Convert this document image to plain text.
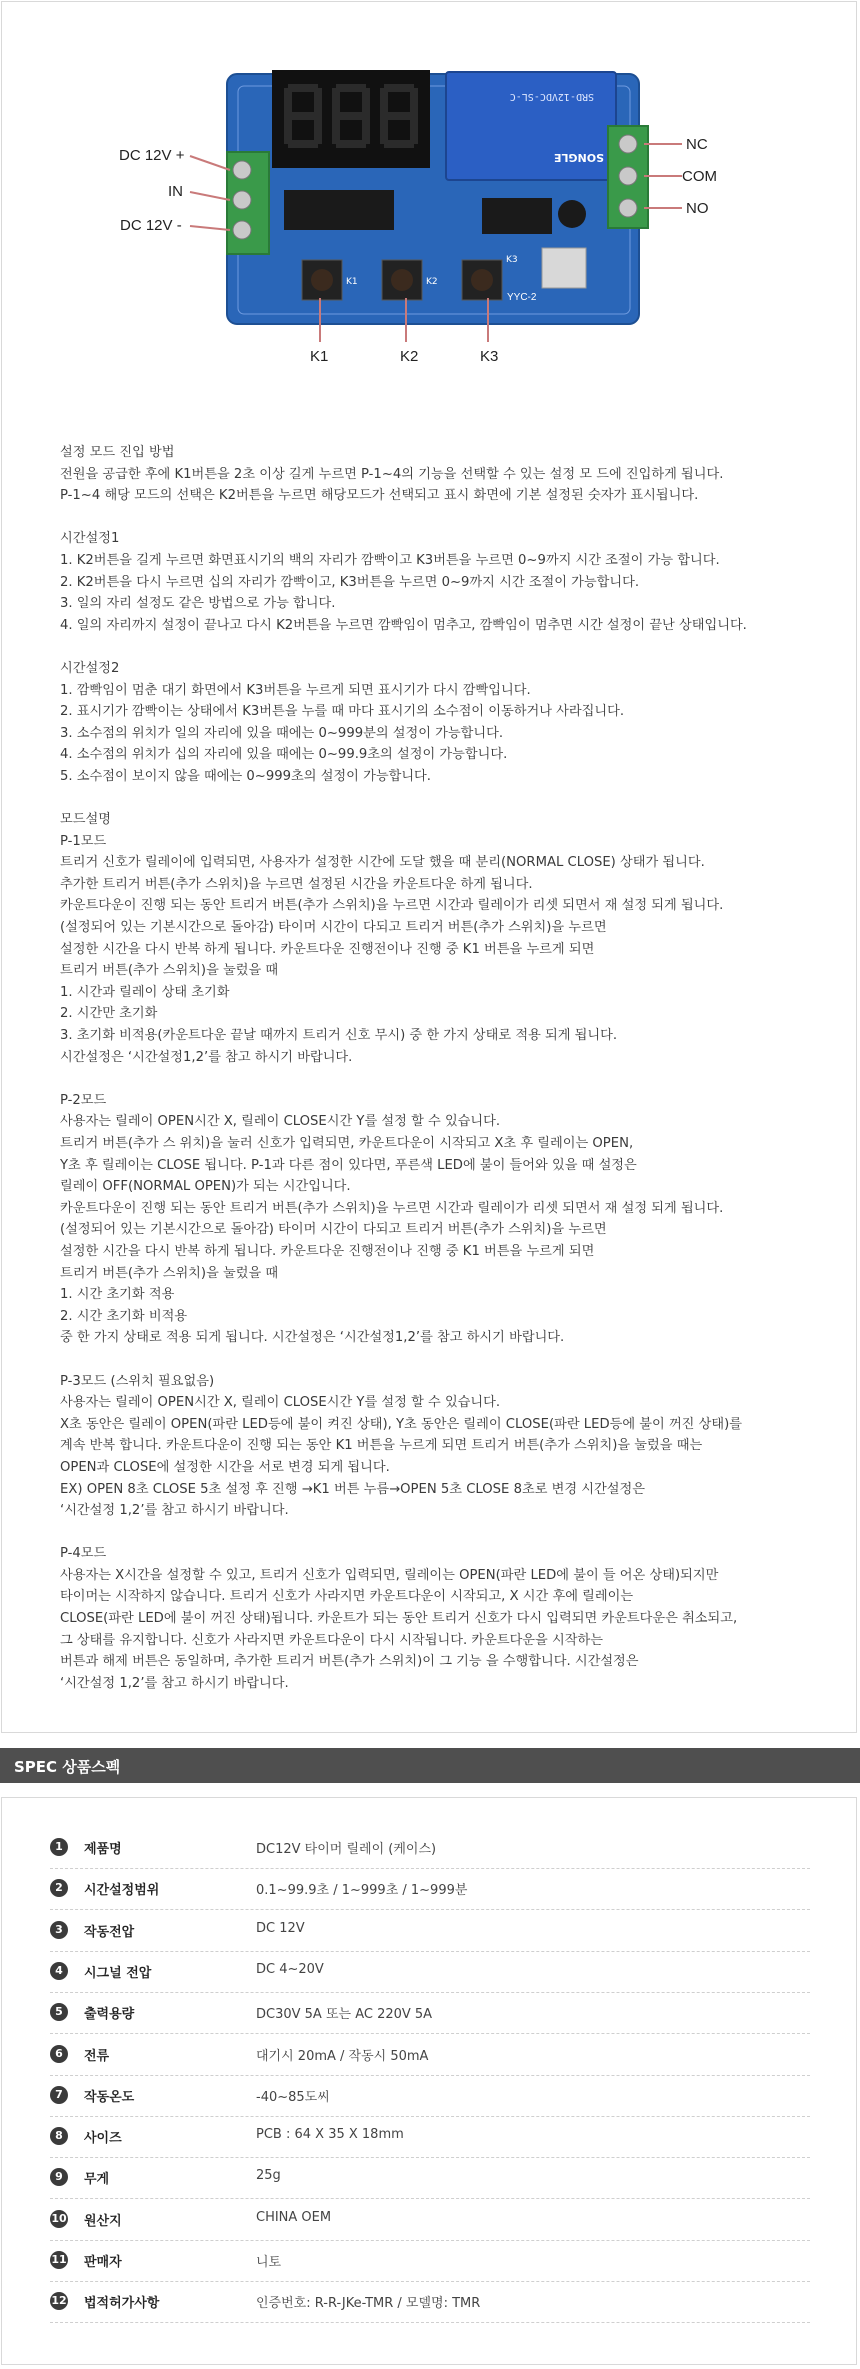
SRD-12VDC-SL-C
SONGLE
K1	K2
K3
YYC-2
DC 12V +
IN
DC 12V -
NC
COM
NO
K1	K2	K3
설정 모드 진입 방법
전원을 공급한 후에 K1버튼을 2초 이상 길게 누르면 P-1~4의 기능을 선택할 수 있는 설정 모 드에 진입하게 됩니다.
P-1~4 해당 모드의 선택은 K2버튼을 누르면 해당모드가 선택되고 표시 화면에 기본 설정된 숫자가 표시됩니다.
시간설정1
1. K2버튼을 길게 누르면 화면표시기의 백의 자리가 깜빡이고 K3버튼을 누르면 0~9까지 시간 조절이 가능 합니다.
2. K2버튼을 다시 누르면 십의 자리가 깜빡이고, K3버튼을 누르면 0~9까지 시간 조절이 가능합니다.
3. 일의 자리 설정도 같은 방법으로 가능 합니다.
4. 일의 자리까지 설정이 끝나고 다시 K2버튼을 누르면 깜빡임이 멈추고, 깜빡임이 멈추면 시간 설정이 끝난 상태입니다.
시간설정2
1. 깜빡임이 멈춘 대기 화면에서 K3버튼을 누르게 되면 표시기가 다시 깜빡입니다.
2. 표시기가 깜빡이는 상태에서 K3버튼을 누를 때 마다 표시기의 소수점이 이동하거나 사라집니다.
3. 소수점의 위치가 일의 자리에 있을 때에는 0~999분의 설정이 가능합니다.
4. 소수점의 위치가 십의 자리에 있을 때에는 0~99.9초의 설정이 가능합니다.
5. 소수점이 보이지 않을 때에는 0~999초의 설정이 가능합니다.
모드설명
P-1모드
트리거 신호가 릴레이에 입력되면, 사용자가 설정한 시간에 도달 했을 때 분리(NORMAL CLOSE) 상태가 됩니다.
추가한 트리거 버튼(추가 스위치)을 누르면 설정된 시간을 카운트다운 하게 됩니다.
카운트다운이 진행 되는 동안 트리거 버튼(추가 스위치)을 누르면 시간과 릴레이가 리셋 되면서 재 설정 되게 됩니다.
(설정되어 있는 기본시간으로 돌아감) 타이머 시간이 다되고 트리거 버튼(추가 스위치)을 누르면
설정한 시간을 다시 반복 하게 됩니다. 카운트다운 진행전이나 진행 중 K1 버튼을 누르게 되면
트리거 버튼(추가 스위치)을 눌렀을 때
1. 시간과 릴레이 상태 초기화
2. 시간만 초기화
3. 초기화 비적용(카운트다운 끝날 때까지 트리거 신호 무시) 중 한 가지 상태로 적용 되게 됩니다.
시간설정은 ‘시간설정1,2’를 참고 하시기 바랍니다.
P-2모드
사용자는 릴레이 OPEN시간 X, 릴레이 CLOSE시간 Y를 설정 할 수 있습니다.
트리거 버튼(추가 스 위치)을 눌러 신호가 입력되면, 카운트다운이 시작되고 X초 후 릴레이는 OPEN,
Y초 후 릴레이는 CLOSE 됩니다. P-1과 다른 점이 있다면, 푸른색 LED에 불이 들어와 있을 때 설정은
릴레이 OFF(NORMAL OPEN)가 되는 시간입니다.
카운트다운이 진행 되는 동안 트리거 버튼(추가 스위치)을 누르면 시간과 릴레이가 리셋 되면서 재 설정 되게 됩니다.
(설정되어 있는 기본시간으로 돌아감) 타이머 시간이 다되고 트리거 버튼(추가 스위치)을 누르면
설정한 시간을 다시 반복 하게 됩니다. 카운트다운 진행전이나 진행 중 K1 버튼을 누르게 되면
트리거 버튼(추가 스위치)을 눌렀을 때
1. 시간 초기화 적용
2. 시간 초기화 비적용
중 한 가지 상태로 적용 되게 됩니다. 시간설정은 ‘시간설정1,2’를 참고 하시기 바랍니다.
P-3모드 (스위치 필요없음)
사용자는 릴레이 OPEN시간 X, 릴레이 CLOSE시간 Y를 설정 할 수 있습니다.
X초 동안은 릴레이 OPEN(파란 LED등에 불이 켜진 상태), Y초 동안은 릴레이 CLOSE(파란 LED등에 불이 꺼진 상태)를
계속 반복 합니다. 카운트다운이 진행 되는 동안 K1 버튼을 누르게 되면 트리거 버튼(추가 스위치)을 눌렀을 때는
OPEN과 CLOSE에 설정한 시간을 서로 변경 되게 됩니다.
EX) OPEN 8초 CLOSE 5초 설정 후 진행 →K1 버튼 누름→OPEN 5초 CLOSE 8초로 변경 시간설정은
‘시간설정 1,2’를 참고 하시기 바랍니다.
P-4모드
사용자는 X시간을 설정할 수 있고, 트리거 신호가 입력되면, 릴레이는 OPEN(파란 LED에 불이 들 어온 상태)되지만
타이머는 시작하지 않습니다. 트리거 신호가 사라지면 카운트다운이 시작되고, X 시간 후에 릴레이는
CLOSE(파란 LED에 불이 꺼진 상태)됩니다. 카운트가 되는 동안 트리거 신호가 다시 입력되면 카운트다운은 취소되고,
그 상태를 유지합니다. 신호가 사라지면 카운트다운이 다시 시작됩니다. 카운트다운을 시작하는
버튼과 해제 버튼은 동일하며, 추가한 트리거 버튼(추가 스위치)이 그 기능 을 수행합니다. 시간설정은
‘시간설정 1,2’를 참고 하시기 바랍니다.
SPEC 상품스펙
1	제품명	DC12V 타이머 릴레이 (케이스)
2	시간설정범위	0.1~99.9초 / 1~999초 / 1~999분
3	작동전압	DC 12V
4	시그널 전압	DC 4~20V
5	출력용량	DC30V 5A 또는 AC 220V 5A
6	전류	대기시 20mA / 작동시 50mA
7	작동온도	-40~85도씨
8	사이즈	PCB : 64 X 35 X 18mm
9	무게	25g
10 원산지	CHINA OEM
11 판매자	니토
12 법적허가사항	인증번호: R-R-JKe-TMR / 모델명: TMR
